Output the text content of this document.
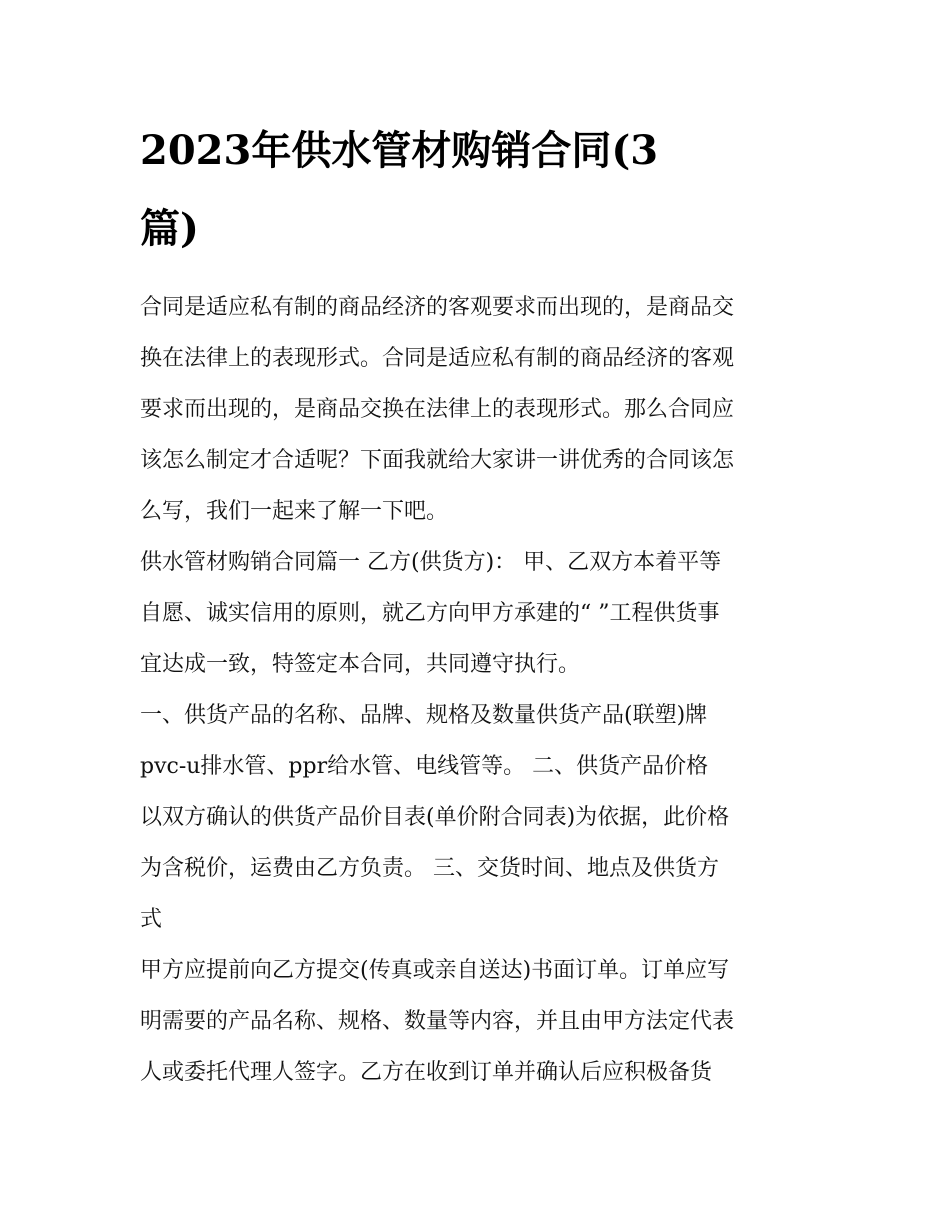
2023年供水管材购销合同(3
篇)
合同是适应私有制的商品经济的客观要求而出现的，是商品交
换在法律上的表现形式。合同是适应私有制的商品经济的客观
要求而出现的，是商品交换在法律上的表现形式。那么合同应
该怎么制定才合适呢？下面我就给大家讲一讲优秀的合同该怎
么写，我们一起来了解一下吧。
供水管材购销合同篇一 乙方(供货方)： 甲、乙双方本着平等
自愿、诚实信用的原则，就乙方向甲方承建的“ ”工程供货事
宜达成一致，特签定本合同，共同遵守执行。
一、供货产品的名称、品牌、规格及数量供货产品(联塑)牌
pvc-u排水管、ppr给水管、电线管等。 二、供货产品价格
以双方确认的供货产品价目表(单价附合同表)为依据，此价格
为含税价，运费由乙方负责。 三、交货时间、地点及供货方
式
甲方应提前向乙方提交(传真或亲自送达)书面订单。订单应写
明需要的产品名称、规格、数量等内容，并且由甲方法定代表
人或委托代理人签字。乙方在收到订单并确认后应积极备货
